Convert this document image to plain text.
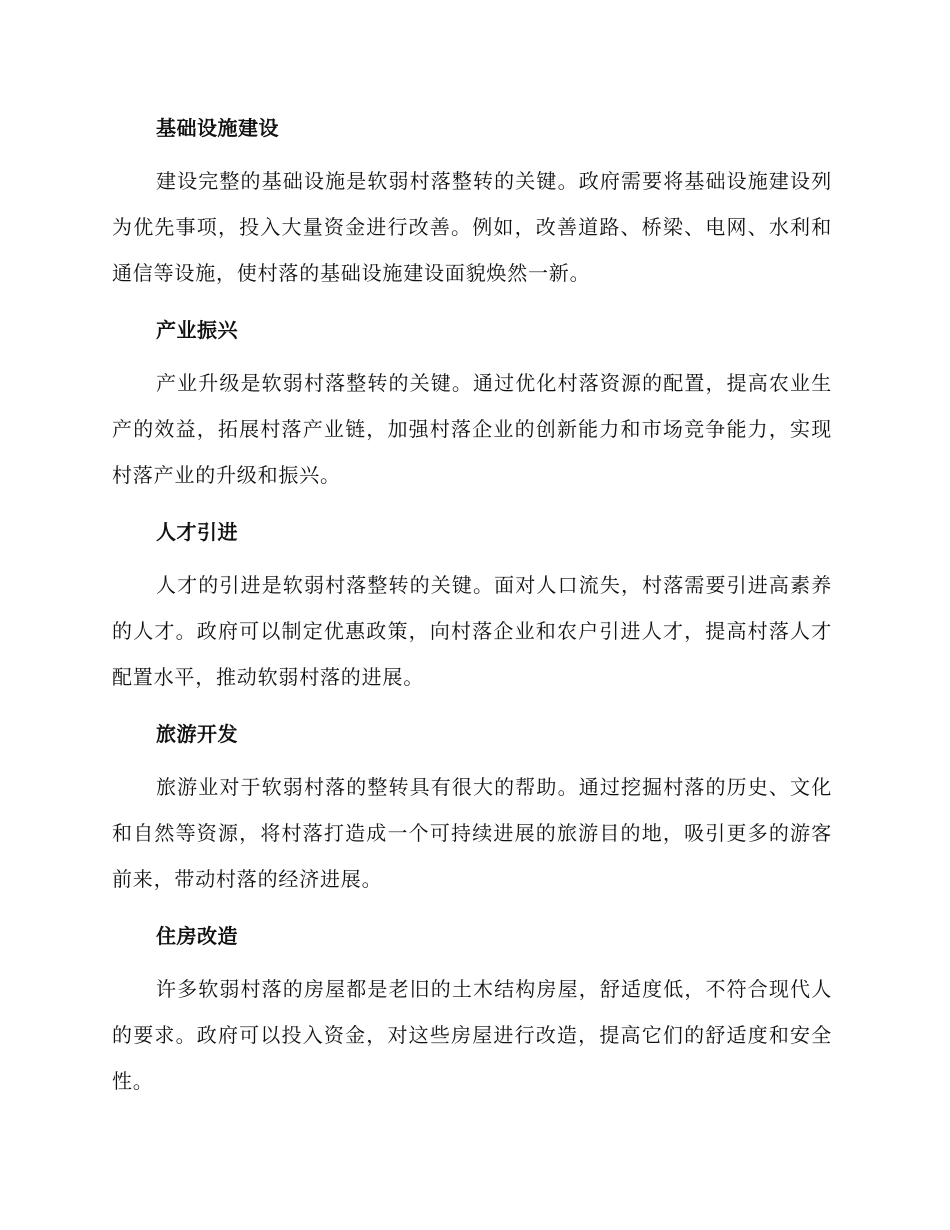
基础设施建设

建设完整的基础设施是软弱村落整转的关键。政府需要将基础设施建设列为优先事项，投入大量资金进行改善。例如，改善道路、桥梁、电网、水利和通信等设施，使村落的基础设施建设面貌焕然一新。

产业振兴

产业升级是软弱村落整转的关键。通过优化村落资源的配置，提高农业生产的效益，拓展村落产业链，加强村落企业的创新能力和市场竞争能力，实现村落产业的升级和振兴。

人才引进

人才的引进是软弱村落整转的关键。面对人口流失，村落需要引进高素养的人才。政府可以制定优惠政策，向村落企业和农户引进人才，提高村落人才配置水平，推动软弱村落的进展。

旅游开发

旅游业对于软弱村落的整转具有很大的帮助。通过挖掘村落的历史、文化和自然等资源，将村落打造成一个可持续进展的旅游目的地，吸引更多的游客前来，带动村落的经济进展。

住房改造

许多软弱村落的房屋都是老旧的土木结构房屋，舒适度低，不符合现代人的要求。政府可以投入资金，对这些房屋进行改造，提高它们的舒适度和安全性。
